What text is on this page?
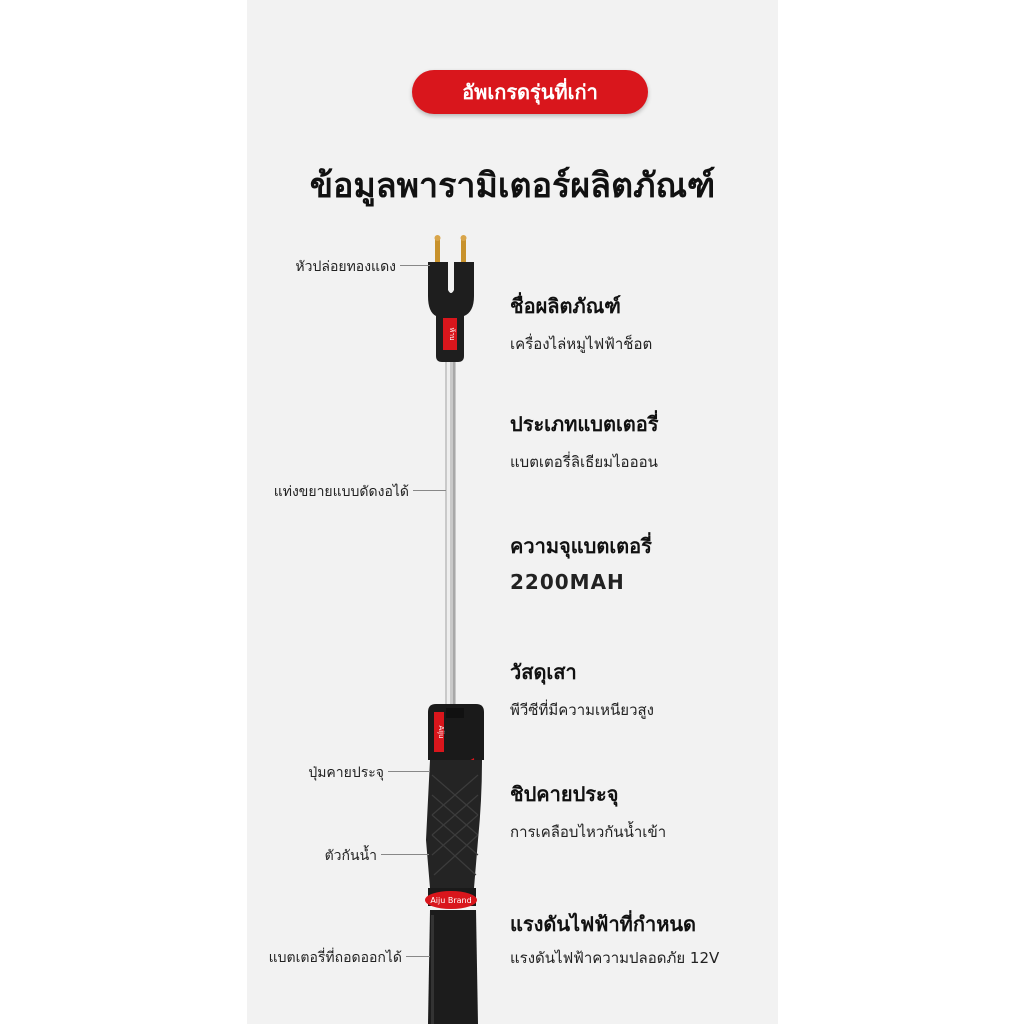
อัพเกรดรุ่นที่เก่า
ข้อมูลพารามิเตอร์ผลิตภัณฑ์
ห้าบ
Aiju
Aiju Brand
หัวปล่อยทองแดง
แท่งขยายแบบดัดงอได้
ปุ่มคายประจุ
ตัวกันน้ำ
แบตเตอรี่ที่ถอดออกได้
ชื่อผลิตภัณฑ์
เครื่องไล่หมูไฟฟ้าช็อต
ประเภทแบตเตอรี่
แบตเตอรี่ลิเธียมไอออน
ความจุแบตเตอรี่
2200MAH
วัสดุเสา
พีวีซีที่มีความเหนียวสูง
ชิปคายประจุ
การเคลือบไหวกันน้ำเข้า
แรงดันไฟฟ้าที่กำหนด
แรงดันไฟฟ้าความปลอดภัย 12V
